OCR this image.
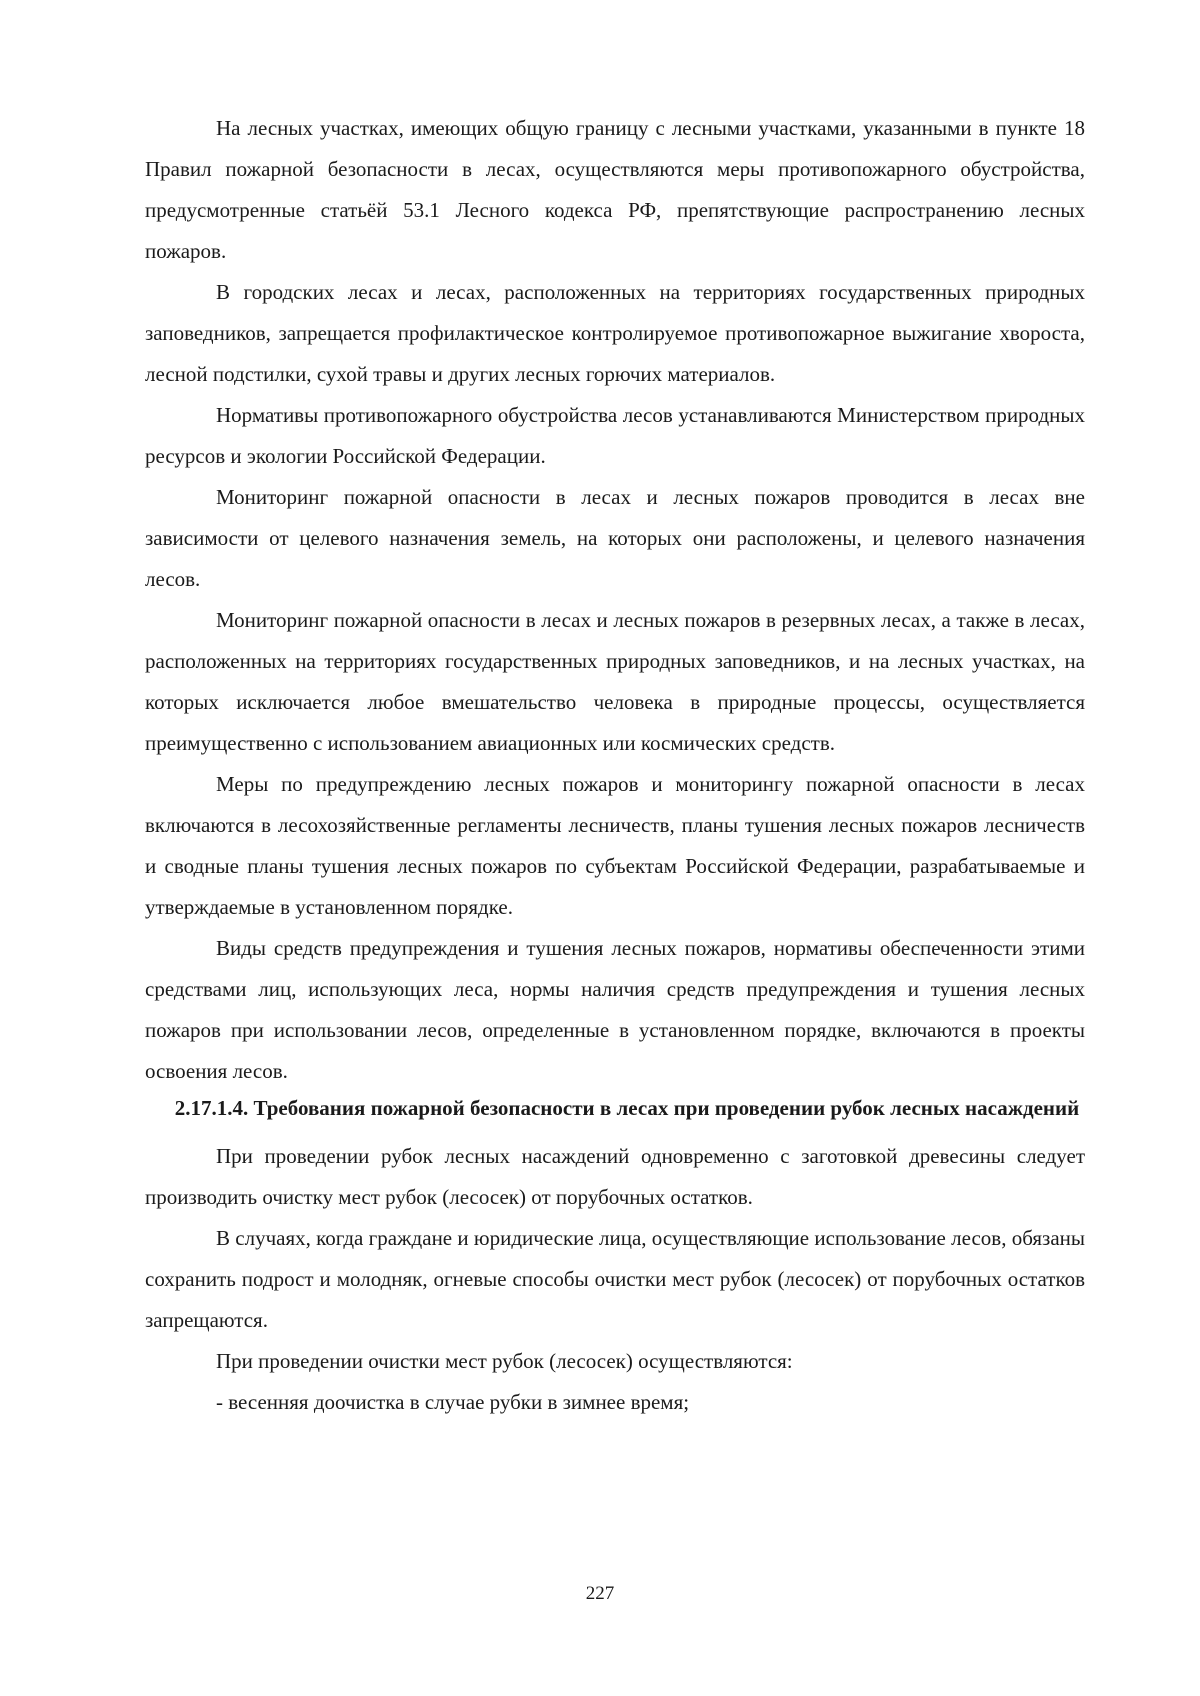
На лесных участках, имеющих общую границу с лесными участками, указанными в пункте 18 Правил пожарной безопасности в лесах, осуществляются меры противопожарного обустройства, предусмотренные статьёй 53.1 Лесного кодекса РФ, препятствующие распространению лесных пожаров.

В городских лесах и лесах, расположенных на территориях государственных природных заповедников, запрещается профилактическое контролируемое противопожарное выжигание хвороста, лесной подстилки, сухой травы и других лесных горючих материалов.

Нормативы противопожарного обустройства лесов устанавливаются Министерством природных ресурсов и экологии Российской Федерации.

Мониторинг пожарной опасности в лесах и лесных пожаров проводится в лесах вне зависимости от целевого назначения земель, на которых они расположены, и целевого назначения лесов.

Мониторинг пожарной опасности в лесах и лесных пожаров в резервных лесах, а также в лесах, расположенных на территориях государственных природных заповедников, и на лесных участках, на которых исключается любое вмешательство человека в природные процессы, осуществляется преимущественно с использованием авиационных или космических средств.

Меры по предупреждению лесных пожаров и мониторингу пожарной опасности в лесах включаются в лесохозяйственные регламенты лесничеств, планы тушения лесных пожаров лесничеств и сводные планы тушения лесных пожаров по субъектам Российской Федерации, разрабатываемые и утверждаемые в установленном порядке.

Виды средств предупреждения и тушения лесных пожаров, нормативы обеспеченности этими средствами лиц, использующих леса, нормы наличия средств предупреждения и тушения лесных пожаров при использовании лесов, определенные в установленном порядке, включаются в проекты освоения лесов.

2.17.1.4. Требования пожарной безопасности в лесах при проведении рубок лесных насаждений

При проведении рубок лесных насаждений одновременно с заготовкой древесины следует производить очистку мест рубок (лесосек) от порубочных остатков.

В случаях, когда граждане и юридические лица, осуществляющие использование лесов, обязаны сохранить подрост и молодняк, огневые способы очистки мест рубок (лесосек) от порубочных остатков запрещаются.

При проведении очистки мест рубок (лесосек) осуществляются:

- весенняя доочистка в случае рубки в зимнее время;

227
